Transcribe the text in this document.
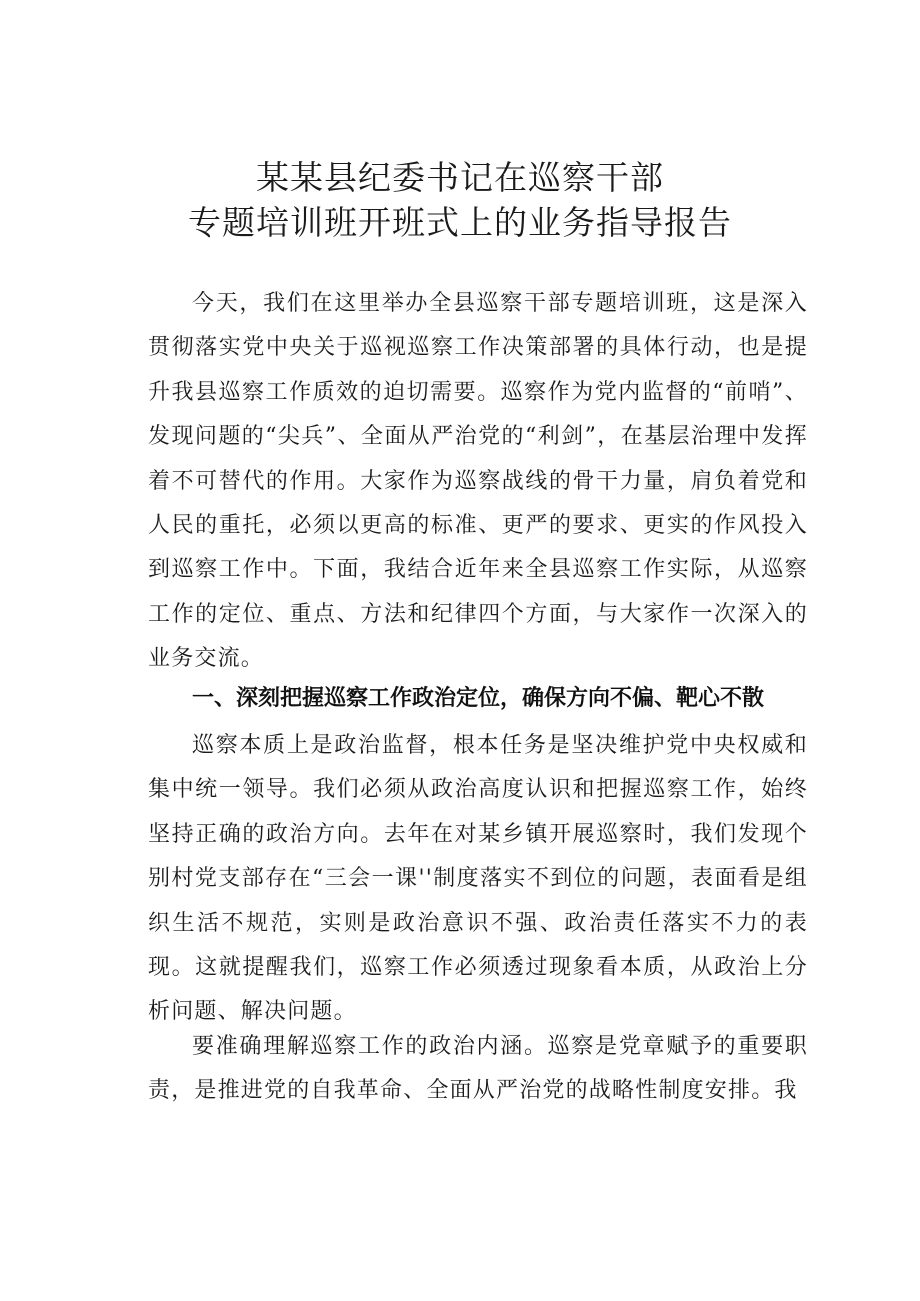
某某县纪委书记在巡察干部
专题培训班开班式上的业务指导报告

今天，我们在这里举办全县巡察干部专题培训班，这是深入贯彻落实党中央关于巡视巡察工作决策部署的具体行动，也是提升我县巡察工作质效的迫切需要。巡察作为党内监督的“前哨”、发现问题的“尖兵”、全面从严治党的“利剑”，在基层治理中发挥着不可替代的作用。大家作为巡察战线的骨干力量，肩负着党和人民的重托，必须以更高的标准、更严的要求、更实的作风投入到巡察工作中。下面，我结合近年来全县巡察工作实际，从巡察工作的定位、重点、方法和纪律四个方面，与大家作一次深入的业务交流。

一、深刻把握巡察工作政治定位，确保方向不偏、靶心不散

巡察本质上是政治监督，根本任务是坚决维护党中央权威和集中统一领导。我们必须从政治高度认识和把握巡察工作，始终坚持正确的政治方向。去年在对某乡镇开展巡察时，我们发现个别村党支部存在“三会一课''制度落实不到位的问题，表面看是组织生活不规范，实则是政治意识不强、政治责任落实不力的表现。这就提醒我们，巡察工作必须透过现象看本质，从政治上分析问题、解决问题。

要准确理解巡察工作的政治内涵。巡察是党章赋予的重要职责，是推进党的自我革命、全面从严治党的战略性制度安排。我
